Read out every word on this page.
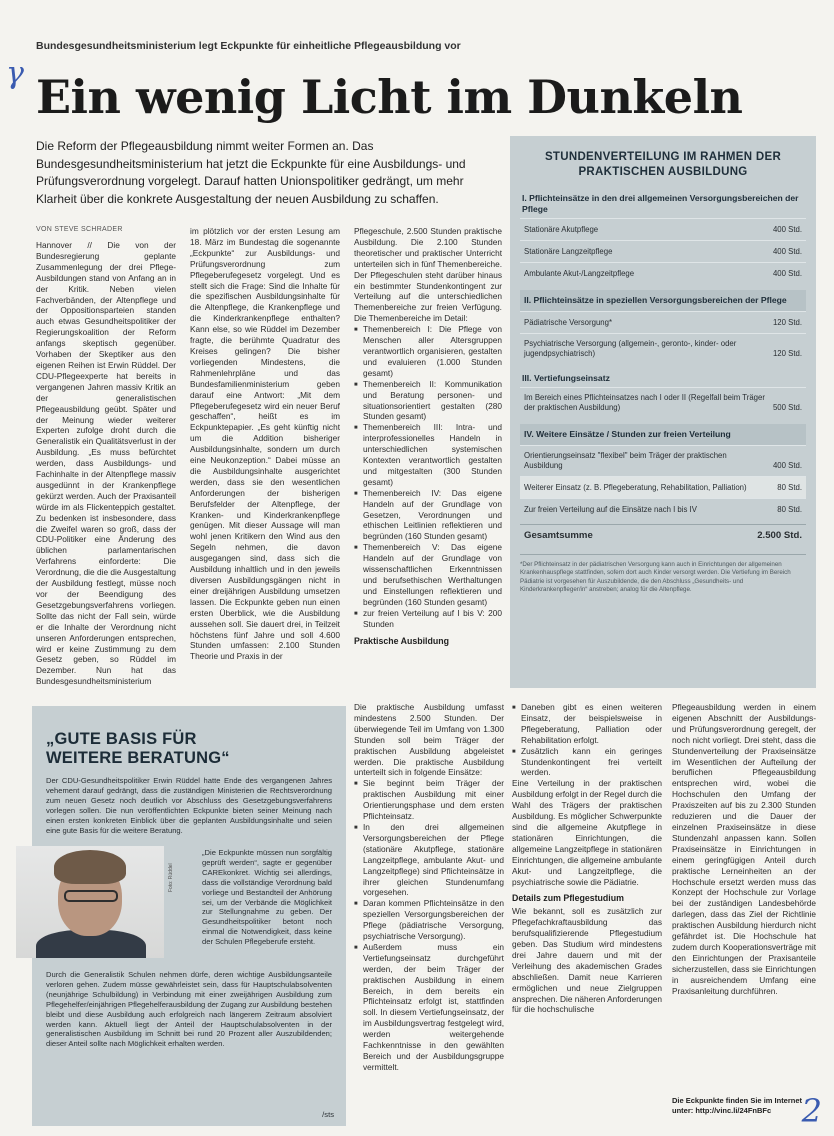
Bundesgesundheitsministerium legt Eckpunkte für einheitliche Pflegeausbildung vor
γ Ein wenig Licht im Dunkeln

Die Reform der Pflegeausbildung nimmt weiter Formen an. Das Bundesgesundheitsministerium hat jetzt die Eckpunkte für eine Ausbildungs- und Prüfungsverordnung vorgelegt. Darauf hatten Unionspolitiker gedrängt, um mehr Klarheit über die konkrete Ausgestaltung der neuen Ausbildung zu schaffen.

VON STEVE SCHRADER

Hannover // Die von der Bundesregierung geplante Zusammenlegung der drei Pflege-Ausbildungen stand von Anfang an in der Kritik. Neben vielen Fachverbänden, der Altenpflege und der Oppositionsparteien standen auch etwas Gesundheitspolitiker der Regierungskoalition der Reform anfangs skeptisch gegenüber. Vorhaben der Skeptiker aus den eigenen Reihen ist Erwin Rüddel. Der CDU-Pflegeexperte hat bereits in vergangenen Jahren massiv Kritik an der generalistischen Pflegeausbildung geübt. Später und der Meinung wieder weiterer Experten zufolge droht durch die Generalistik ein Qualitätsverlust in der Ausbildung. „Es muss befürchtet werden, dass Ausbildungs- und Fachinhalte in der Altenpflege massiv ausgedünnt in der Krankenpflege gekürzt werden. Auch der Praxisanteil würde im als Flickenteppich gestaltet. Zu bedenken ist insbesondere, dass die Zweifel waren so groß, dass der CDU-Politiker eine Änderung des üblichen parlamentarischen Verfahrens einforderte: Die Verordnung, die die die Ausgestaltung der Ausbildung festlegt, müsse noch vor der Beendigung des Gesetzgebungsverfahrens vorliegen. Sollte das nicht der Fall sein, würde er die Inhalte der Verordnung nicht unseren Anforderungen entsprechen, wird er keine Zustimmung zu dem Gesetz geben, so Rüddel im Dezember. Nun hat das Bundesgesundheitsministerium

im plötzlich vor der ersten Lesung am 18. März im Bundestag die sogenannte „Eckpunkte“ zur Ausbildungs- und Prüfungsverordnung zum Pflegeberufegesetz vorgelegt. Und es stellt sich die Frage: Sind die Inhalte für die spezifischen Ausbildungsinhalte für die Altenpflege, die Krankenpflege und die Kinderkrankenpflege enthalten? Kann else, so wie Rüddel im Dezember fragte, die berühmte Quadratur des Kreises gelingen? Die bisher vorliegenden Mindestens, die Rahmenlehrpläne und das Bundesfamilienministerium geben darauf eine Antwort: „Mit dem Pflegeberufegesetz wird ein neuer Beruf geschaffen“, heißt es im Eckpunktepapier. „Es geht künftig nicht um die Addition bisheriger Ausbildungsinhalte, sondern um durch eine Neukonzeption.“ Dabei müsse an die Ausbildungsinhalte ausgerichtet werden, dass sie den wesentlichen Anforderungen der bisherigen Berufsfelder der Altenpflege, der Kranken- und Kinderkrankenpflege genügen. Mit dieser Aussage will man wohl jenen Kritikern den Wind aus den Segeln nehmen, die davon ausgegangen sind, dass sich die Ausbildung inhaltlich und in den jeweils diversen Ausbildungsgängen nicht in einer dreijährigen Ausbildung umsetzen lassen. Die Eckpunkte geben nun einen ersten Überblick, wie die Ausbildung aussehen soll. Sie dauert drei, in Teilzeit höchstens fünf Jahre und soll 4.600 Stunden umfassen: 2.100 Stunden Theorie und Praxis in der

Pflegeschule, 2.500 Stunden praktische Ausbildung. Die 2.100 Stunden theoretischer und praktischer Unterricht unterteilen sich in fünf Themenbereiche. Der Pflegeschulen steht darüber hinaus ein bestimmter Stundenkontingent zur Verteilung auf die unterschiedlichen Themenbereiche zur freien Verfügung. Die Themenbereiche im Detail:

■ Themenbereich I: Die Pflege von Menschen aller Altersgruppen verantwortlich organisieren, gestalten und evaluieren (1.000 Stunden gesamt)
■ Themenbereich II: Kommunikation und Beratung personen- und situationsorientiert gestalten (280 Stunden gesamt)
■ Themenbereich III: Intra- und interprofessionelles Handeln in unterschiedlichen systemischen Kontexten verantwortlich gestalten und mitgestalten (300 Stunden gesamt)
■ Themenbereich IV: Das eigene Handeln auf der Grundlage von Gesetzen, Verordnungen und ethischen Leitlinien reflektieren und begründen (160 Stunden gesamt)
■ Themenbereich V: Das eigene Handeln auf der Grundlage von wissenschaftlichen Erkenntnissen und berufsethischen Werthaltungen und Einstellungen reflektieren und begründen (160 Stunden gesamt)
■ zur freien Verteilung auf I bis V: 200 Stunden
Praktische Ausbildung
STUNDENVERTEILUNG IM RAHMEN DER PRAKTISCHEN AUSBILDUNG
I. Pflichteinsätze in den drei allgemeinen Versorgungsbereichen der Pflege
Stationäre Akutpflege	400 Std.
Stationäre Langzeitpflege	400 Std.
Ambulante Akut-/Langzeitpflege	400 Std.
II. Pflichteinsätze in speziellen Versorgungsbereichen der Pflege
Pädiatrische Versorgung*	120 Std.
Psychiatrische Versorgung (allgemein-, geronto-, kinder- oder jugendpsychiatrisch)	120 Std.
III. Vertiefungseinsatz
Im Bereich eines Pflichteinsatzes nach I oder II (Regelfall beim Träger der praktischen Ausbildung)	500 Std.
IV. Weitere Einsätze / Stunden zur freien Verteilung
Orientierungseinsatz "flexibel" beim Träger der praktischen Ausbildung	400 Std.
Weiterer Einsatz (z. B. Pflegeberatung, Rehabilitation, Palliation)	80 Std.
Zur freien Verteilung auf die Einsätze nach I bis IV	80 Std.
Gesamtsumme	2.500 Std.
*Der Pflichteinsatz in der pädiatrischen Versorgung kann auch in Einrichtungen der allgemeinen Krankenhauspflege stattfinden, sofern dort auch Kinder versorgt werden. Die Vertiefung im Bereich Pädiatrie ist vorgesehen für Auszubildende, die den Abschluss „Gesundheits- und Kinderkrankenpfleger/in“ anstreben; analog für die Altenpflege.

Die praktische Ausbildung umfasst mindestens 2.500 Stunden. Der überwiegende Teil im Umfang von 1.300 Stunden soll beim Träger der praktischen Ausbildung abgeleistet werden. Die praktische Ausbildung unterteilt sich in folgende Einsätze:

■ Sie beginnt beim Träger der praktischen Ausbildung mit einer Orientierungsphase und dem ersten Pflichteinsatz.
■ In den drei allgemeinen Versorgungsbereichen der Pflege (stationäre Akutpflege, stationäre Langzeitpflege, ambulante Akut- und Langzeitpflege) sind Pflichteinsätze in ihrer gleichen Stundenumfang vorgesehen.
■ Daran kommen Pflichteinsätze in den speziellen Versorgungsbereichen der Pflege (pädiatrische Versorgung, psychiatrische Versorgung).
■ Außerdem muss ein Vertiefungseinsatz durchgeführt werden, der beim Träger der praktischen Ausbildung in einem Bereich, in dem bereits ein Pflichteinsatz erfolgt ist, stattfinden soll. In diesem Vertiefungseinsatz, der im Ausbildungsvertrag festgelegt wird, werden weitergehende Fachkenntnisse in den gewählten Bereich und der Ausbildungsgruppe vermittelt.
■ Daneben gibt es einen weiteren Einsatz, der beispielsweise in Pflegeberatung, Palliation oder Rehabilitation erfolgt.
■ Zusätzlich kann ein geringes Stundenkontingent frei verteilt werden.

Eine Verteilung in der praktischen Ausbildung erfolgt in der Regel durch die Wahl des Trägers der praktischen Ausbildung. Es möglicher Schwerpunkte sind die allgemeine Akutpflege in stationären Einrichtungen, die allgemeine Langzeitpflege in stationären Einrichtungen, die allgemeine ambulante Akut- und Langzeitpflege, die psychiatrische sowie die Pädiatrie.

Details zum Pflegestudium

Wie bekannt, soll es zusätzlich zur Pflegefachkraftausbildung das berufsqualifizierende Pflegestudium geben. Das Studium wird mindestens drei Jahre dauern und mit der Verleihung des akademischen Grades abschließen. Damit neue Karrieren ermöglichen und neue Zielgruppen ansprechen. Die näheren Anforderungen für die hochschulische

Pflegeausbildung werden in einem eigenen Abschnitt der Ausbildungs- und Prüfungsverordnung geregelt, der noch nicht vorliegt. Drei steht, dass die Stundenverteilung der Praxiseinsätze im Wesentlichen der Aufteilung der beruflichen Pflegeausbildung entsprechen wird, wobei die Hochschulen den Umfang der Praxiszeiten auf bis zu 2.300 Stunden reduzieren und die Dauer der einzelnen Praxiseinsätze in diese Stundenzahl anpassen kann. Sollen Praxiseinsätze in Einrichtungen in einem geringfügigen Anteil durch praktische Lerneinheiten an der Hochschule ersetzt werden muss das Konzept der Hochschule zur Vorlage bei der zuständigen Landesbehörde darlegen, dass das Ziel der Richtlinie praktischen Ausbildung hierdurch nicht gefährdet ist. Die Hochschule hat zudem durch Kooperationsverträge mit den Einrichtungen der Praxisanteile sicherzustellen, dass sie Einrichtungen in ausreichendem Umfang eine Praxisanleitung durchführen.

Die Eckpunkte finden Sie im Internet unter: http://vinc.li/24FnBFc
„GUTE BASIS FÜR
WEITERE BERATUNG“
Der CDU-Gesundheitspolitiker Erwin Rüddel hatte Ende des vergangenen Jahres vehement darauf gedrängt, dass die zuständigen Ministerien die Rechtsverordnung zum neuen Gesetz noch deutlich vor Abschluss des Gesetzgebungsverfahrens vorlegen sollen. Die nun veröffentlichten Eckpunkte bieten seiner Meinung nach einen ersten konkreten Einblick über die geplanten Ausbildungsinhalte und seien eine gute Basis für die weitere Beratung.
„Die Eckpunkte müssen nun sorgfältig geprüft werden“, sagte er gegenüber CAREkonkret. Wichtig sei allerdings, dass die vollständige Verordnung bald vorliege und Bestandteil der Anhörung sei, um der Verbände die Möglichkeit zur Stellungnahme zu geben. Der Gesundheitspolitiker betont noch einmal die Notwendigkeit, dass keine der Schulen Pflegeberufe ersteht.
Durch die Generalistik Schulen nehmen dürfe, deren wichtige Ausbildungsanteile verloren gehen. Zudem müsse gewährleistet sein, dass für Hauptschulabsolventen (neunjährige Schulbildung) in Verbindung mit einer zweijährigen Ausbildung zum Pflegehelfer/einjährigen Pflegehelferausbildung der Zugang zur Ausbildung bestehen bleibt und diese Ausbildung auch erfolgreich nach längerem Zeitraum absolviert werden kann. Aktuell liegt der Anteil der Hauptschulabsolventen in der generalistischen Ausbildung im Schnitt bei rund 20 Prozent aller Auszubildenden; dieser Anteil sollte nach Möglichkeit erhalten werden.
/sts
Foto: Rüddel
2
